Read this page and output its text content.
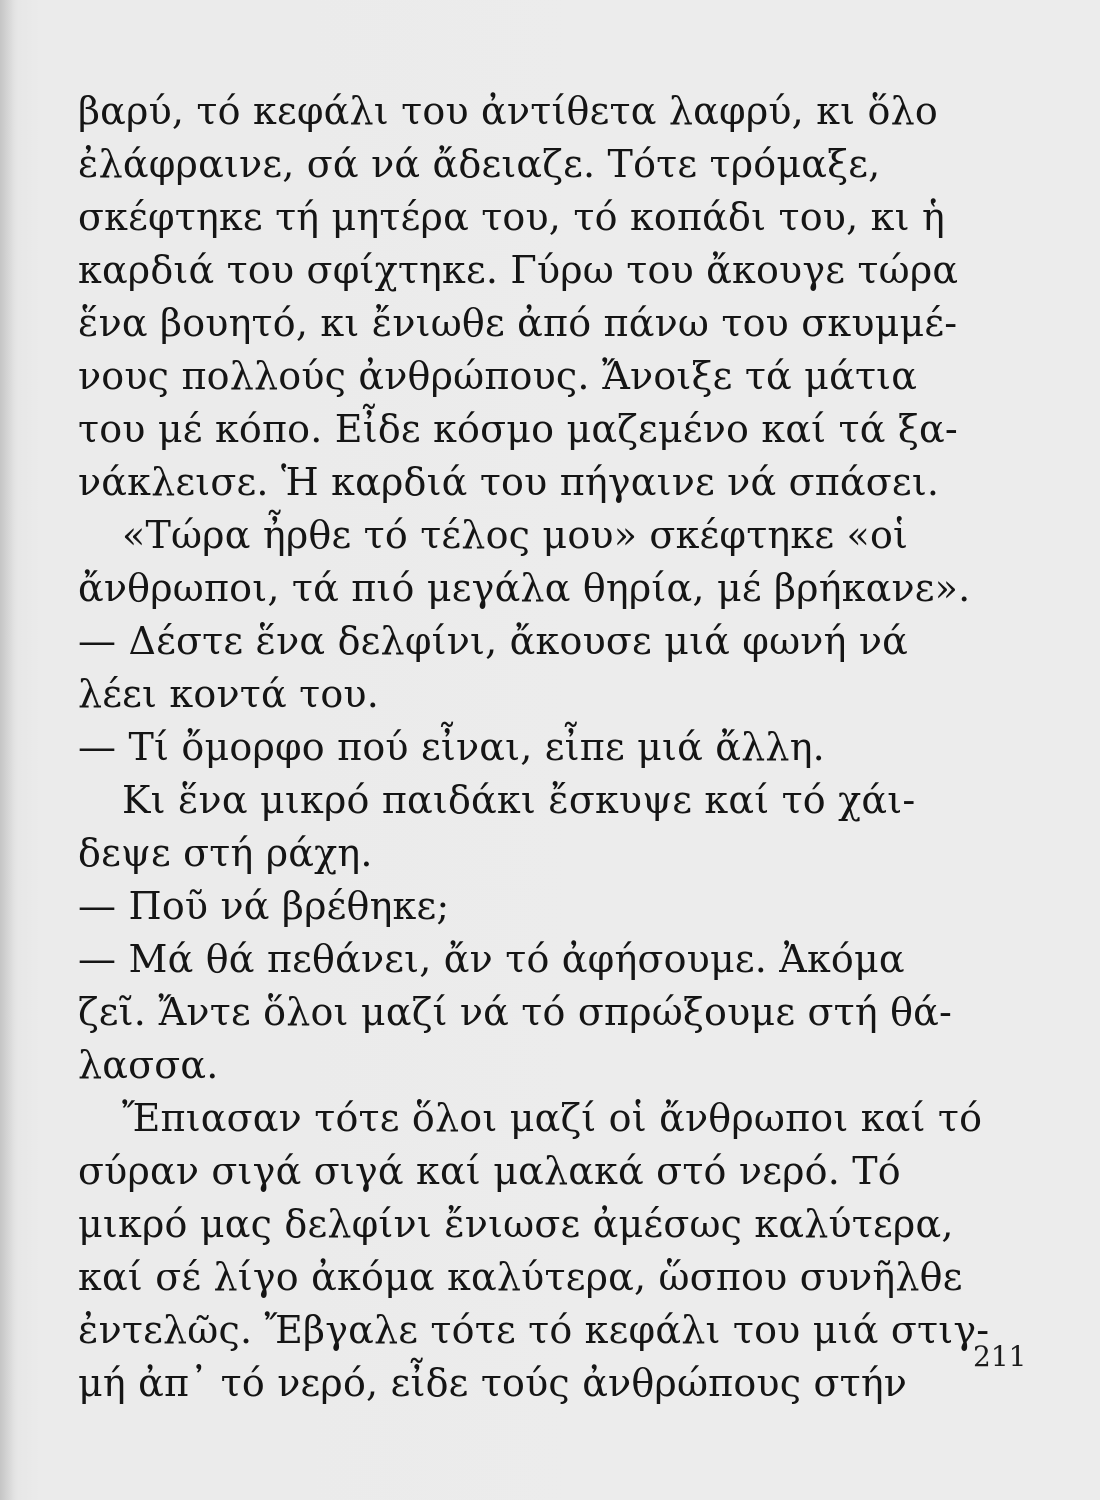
βαρύ, τό κεφάλι του ἀντίθετα λαφρύ, κι ὅλο
ἐλάφραινε, σά νά ἄδειαζε. Τότε τρόμαξε,
σκέφτηκε τή μητέρα του, τό κοπάδι του, κι ἡ
καρδιά του σφίχτηκε. Γύρω του ἄκουγε τώρα
ἕνα βουητό, κι ἔνιωθε ἀπό πάνω του σκυμμέ-
νους πολλούς ἀνθρώπους. Ἄνοιξε τά μάτια
του μέ κόπο. Εἶδε κόσμο μαζεμένο καί τά ξα-
νάκλεισε. Ἡ καρδιά του πήγαινε νά σπάσει.
«Τώρα ἦρθε τό τέλος μου» σκέφτηκε «οἱ
ἄνθρωποι, τά πιό μεγάλα θηρία, μέ βρήκανε».
— Δέστε ἕνα δελφίνι, ἄκουσε μιά φωνή νά
λέει κοντά του.
— Τί ὄμορφο πού εἶναι, εἶπε μιά ἄλλη.
Κι ἕνα μικρό παιδάκι ἔσκυψε καί τό χάι-
δεψε στή ράχη.
— Ποῦ νά βρέθηκε;
— Μά θά πεθάνει, ἄν τό ἀφήσουμε. Ἀκόμα
ζεῖ. Ἄντε ὅλοι μαζί νά τό σπρώξουμε στή θά-
λασσα.
Ἔπιασαν τότε ὅλοι μαζί οἱ ἄνθρωποι καί τό
σύραν σιγά σιγά καί μαλακά στό νερό. Τό
μικρό μας δελφίνι ἔνιωσε ἀμέσως καλύτερα,
καί σέ λίγο ἀκόμα καλύτερα, ὥσπου συνῆλθε
ἐντελῶς. Ἔβγαλε τότε τό κεφάλι του μιά στιγ-
μή ἀπ᾽ τό νερό, εἶδε τούς ἀνθρώπους στήν
211
